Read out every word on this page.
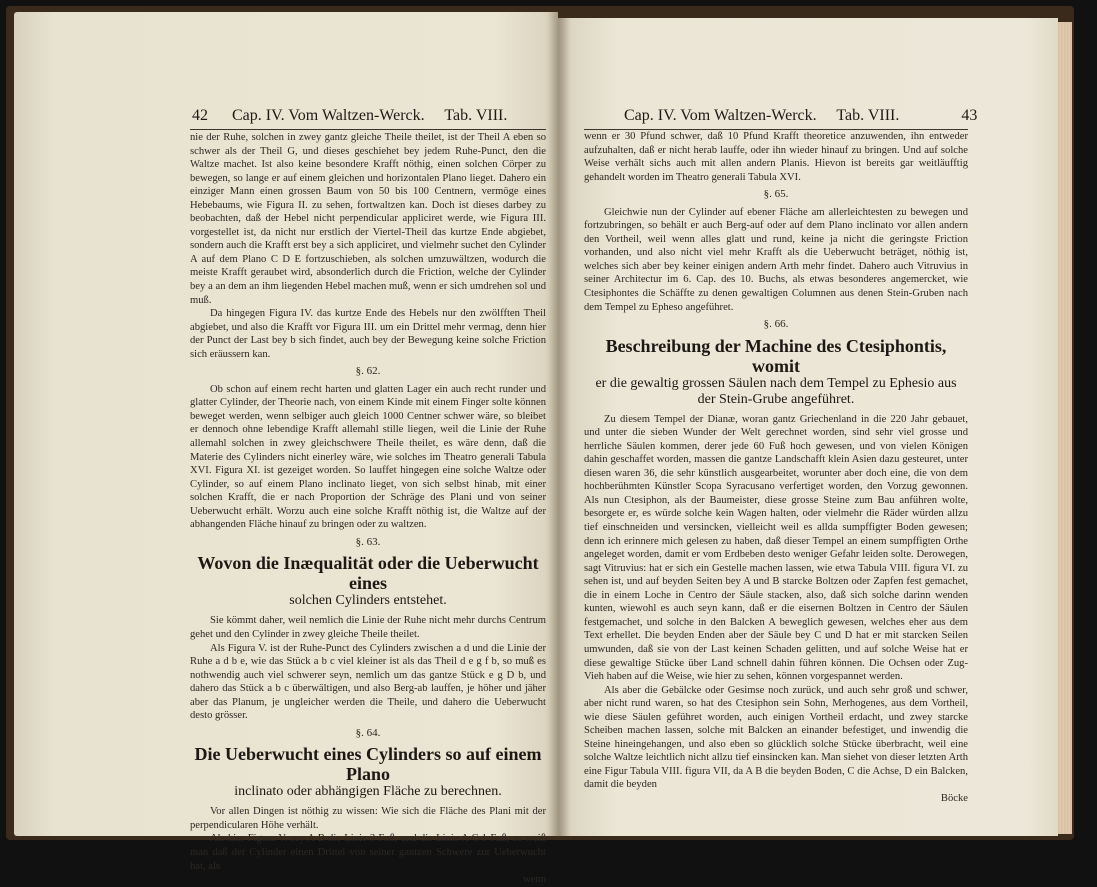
42 Cap. IV. Vom Waltzen-Werck. Tab. VIII.

nie der Ruhe, solchen in zwey gantz gleiche Theile theilet, ist der Theil A eben so schwer als der Theil G, und dieses geschiehet bey jedem Ruhe-Punct, den die Waltze machet. Ist also keine besondere Krafft nöthig, einen solchen Cörper zu bewegen, so lange er auf einem gleichen und horizontalen Plano lieget. Dahero ein einziger Mann einen grossen Baum von 50 bis 100 Centnern, vermöge eines Hebebaums, wie Figura II. zu sehen, fortwaltzen kan. Doch ist dieses darbey zu beobachten, daß der Hebel nicht perpendicular appliciret werde, wie Figura III. vorgestellet ist, da nicht nur erstlich der Viertel-Theil das kurtze Ende abgiebet, sondern auch die Krafft erst bey a sich appliciret, und vielmehr suchet den Cylinder A auf dem Plano C D E fortzuschieben, als solchen umzuwältzen, wodurch die meiste Krafft geraubet wird, absonderlich durch die Friction, welche der Cylinder bey a an dem an ihm liegenden Hebel machen muß, wenn er sich umdrehen sol und muß.

Da hingegen Figura IV. das kurtze Ende des Hebels nur den zwölfften Theil abgiebet, und also die Krafft vor Figura III. um ein Drittel mehr vermag, denn hier der Punct der Last bey b sich findet, auch bey der Bewegung keine solche Friction sich eräussern kan.

§. 62.

Ob schon auf einem recht harten und glatten Lager ein auch recht runder und glatter Cylinder, der Theorie nach, von einem Kinde mit einem Finger solte können beweget werden, wenn selbiger auch gleich 1000 Centner schwer wäre, so bleibet er dennoch ohne lebendige Krafft allemahl stille liegen, weil die Linie der Ruhe allemahl solchen in zwey gleichschwere Theile theilet, es wäre denn, daß die Materie des Cylinders nicht einerley wäre, wie solches im Theatro generali Tabula XVI. Figura XI. ist gezeiget worden. So lauffet hingegen eine solche Waltze oder Cylinder, so auf einem Plano inclinato lieget, von sich selbst hinab, mit einer solchen Krafft, die er nach Proportion der Schräge des Plani und von seiner Ueberwucht erhält. Worzu auch eine solche Krafft nöthig ist, die Waltze auf der abhangenden Fläche hinauf zu bringen oder zu waltzen.

§. 63.

Wovon die Inæqualität oder die Ueberwucht eines

solchen Cylinders entstehet.

Sie kömmt daher, weil nemlich die Linie der Ruhe nicht mehr durchs Centrum gehet und den Cylinder in zwey gleiche Theile theilet.

Als Figura V. ist der Ruhe-Punct des Cylinders zwischen a d und die Linie der Ruhe a d b e, wie das Stück a b c viel kleiner ist als das Theil d e g f b, so muß es nothwendig auch viel schwerer seyn, nemlich um das gantze Stück e g D b, und dahero das Stück a b c überwältigen, und also Berg-ab lauffen, je höher und jäher aber das Planum, je ungleicher werden die Theile, und dahero die Ueberwucht desto grösser.

§. 64.

Die Ueberwucht eines Cylinders so auf einem Plano

inclinato oder abhängigen Fläche zu berechnen.

Vor allen Dingen ist nöthig zu wissen: Wie sich die Fläche des Plani mit der perpendicularen Höhe verhält.

Als hier Figura V. sey A B die Linie 3 Fuß, und die Linie A C 1 Fuß, so weiß man daß der Cylinder einen Drittel von seiner gantzen Schwere zur Ueberwucht hat, als

wenn

Cap. IV. Vom Waltzen-Werck. Tab. VIII.	43

wenn er 30 Pfund schwer, daß 10 Pfund Krafft theoretice anzuwenden, ihn entweder aufzuhalten, daß er nicht herab lauffe, oder ihn wieder hinauf zu bringen. Und auf solche Weise verhält sichs auch mit allen andern Planis. Hievon ist bereits gar weitläufftig gehandelt worden im Theatro generali Tabula XVI.

§. 65.

Gleichwie nun der Cylinder auf ebener Fläche am allerleichtesten zu bewegen und fortzubringen, so behält er auch Berg-auf oder auf dem Plano inclinato vor allen andern den Vortheil, weil wenn alles glatt und rund, keine ja nicht die geringste Friction vorhanden, und also nicht viel mehr Krafft als die Ueberwucht beträget, nöthig ist, welches sich aber bey keiner einigen andern Arth mehr findet. Dahero auch Vitruvius in seiner Architectur im 6. Cap. des 10. Buchs, als etwas besonderes angemercket, wie Ctesiphontes die Schäffte zu denen gewaltigen Columnen aus denen Stein-Gruben nach dem Tempel zu Epheso angeführet.

§. 66.

Beschreibung der Machine des Ctesiphontis, womit

er die gewaltig grossen Säulen nach dem Tempel zu Ephesio aus

der Stein-Grube angeführet.

Zu diesem Tempel der Dianæ, woran gantz Griechenland in die 220 Jahr gebauet, und unter die sieben Wunder der Welt gerechnet worden, sind sehr viel grosse und herrliche Säulen kommen, derer jede 60 Fuß hoch gewesen, und von vielen Königen dahin geschaffet worden, massen die gantze Landschafft klein Asien dazu gesteuret, unter diesen waren 36, die sehr künstlich ausgearbeitet, worunter aber doch eine, die von dem hochberühmten Künstler Scopa Syracusano verfertiget worden, den Vorzug gewonnen. Als nun Ctesiphon, als der Baumeister, diese grosse Steine zum Bau anführen wolte, besorgete er, es würde solche kein Wagen halten, oder vielmehr die Räder würden allzu tief einschneiden und versincken, vielleicht weil es allda sumpffigter Boden gewesen; denn ich erinnere mich gelesen zu haben, daß dieser Tempel an einem sumpffigten Orthe angeleget worden, damit er vom Erdbeben desto weniger Gefahr leiden solte. Derowegen, sagt Vitruvius: hat er sich ein Gestelle machen lassen, wie etwa Tabula VIII. figura VI. zu sehen ist, und auf beyden Seiten bey A und B starcke Boltzen oder Zapfen fest gemachet, die in einem Loche in Centro der Säule stacken, also, daß sich solche darinn wenden kunten, wiewohl es auch seyn kann, daß er die eisernen Boltzen in Centro der Säulen festgemachet, und solche in den Balcken A beweglich gewesen, welches eher aus dem Text erhellet. Die beyden Enden aber der Säule bey C und D hat er mit starcken Seilen umwunden, daß sie von der Last keinen Schaden gelitten, und auf solche Weise hat er diese gewaltige Stücke über Land schnell dahin führen können. Die Ochsen oder Zug-Vieh haben auf die Weise, wie hier zu sehen, können vorgespannet werden.

Als aber die Gebälcke oder Gesimse noch zurück, und auch sehr groß und schwer, aber nicht rund waren, so hat des Ctesiphon sein Sohn, Merhogenes, aus dem Vortheil, wie diese Säulen geführet worden, auch einigen Vortheil erdacht, und zwey starcke Scheiben machen lassen, solche mit Balcken an einander befestiget, und inwendig die Steine hineingehangen, und also eben so glücklich solche Stücke überbracht, weil eine solche Waltze leichtlich nicht allzu tief einsincken kan. Man siehet von dieser letzten Arth eine Figur Tabula VIII. figura VII, da A B die beyden Boden, C die Achse, D ein Balcken, damit die beyden

Böcke
